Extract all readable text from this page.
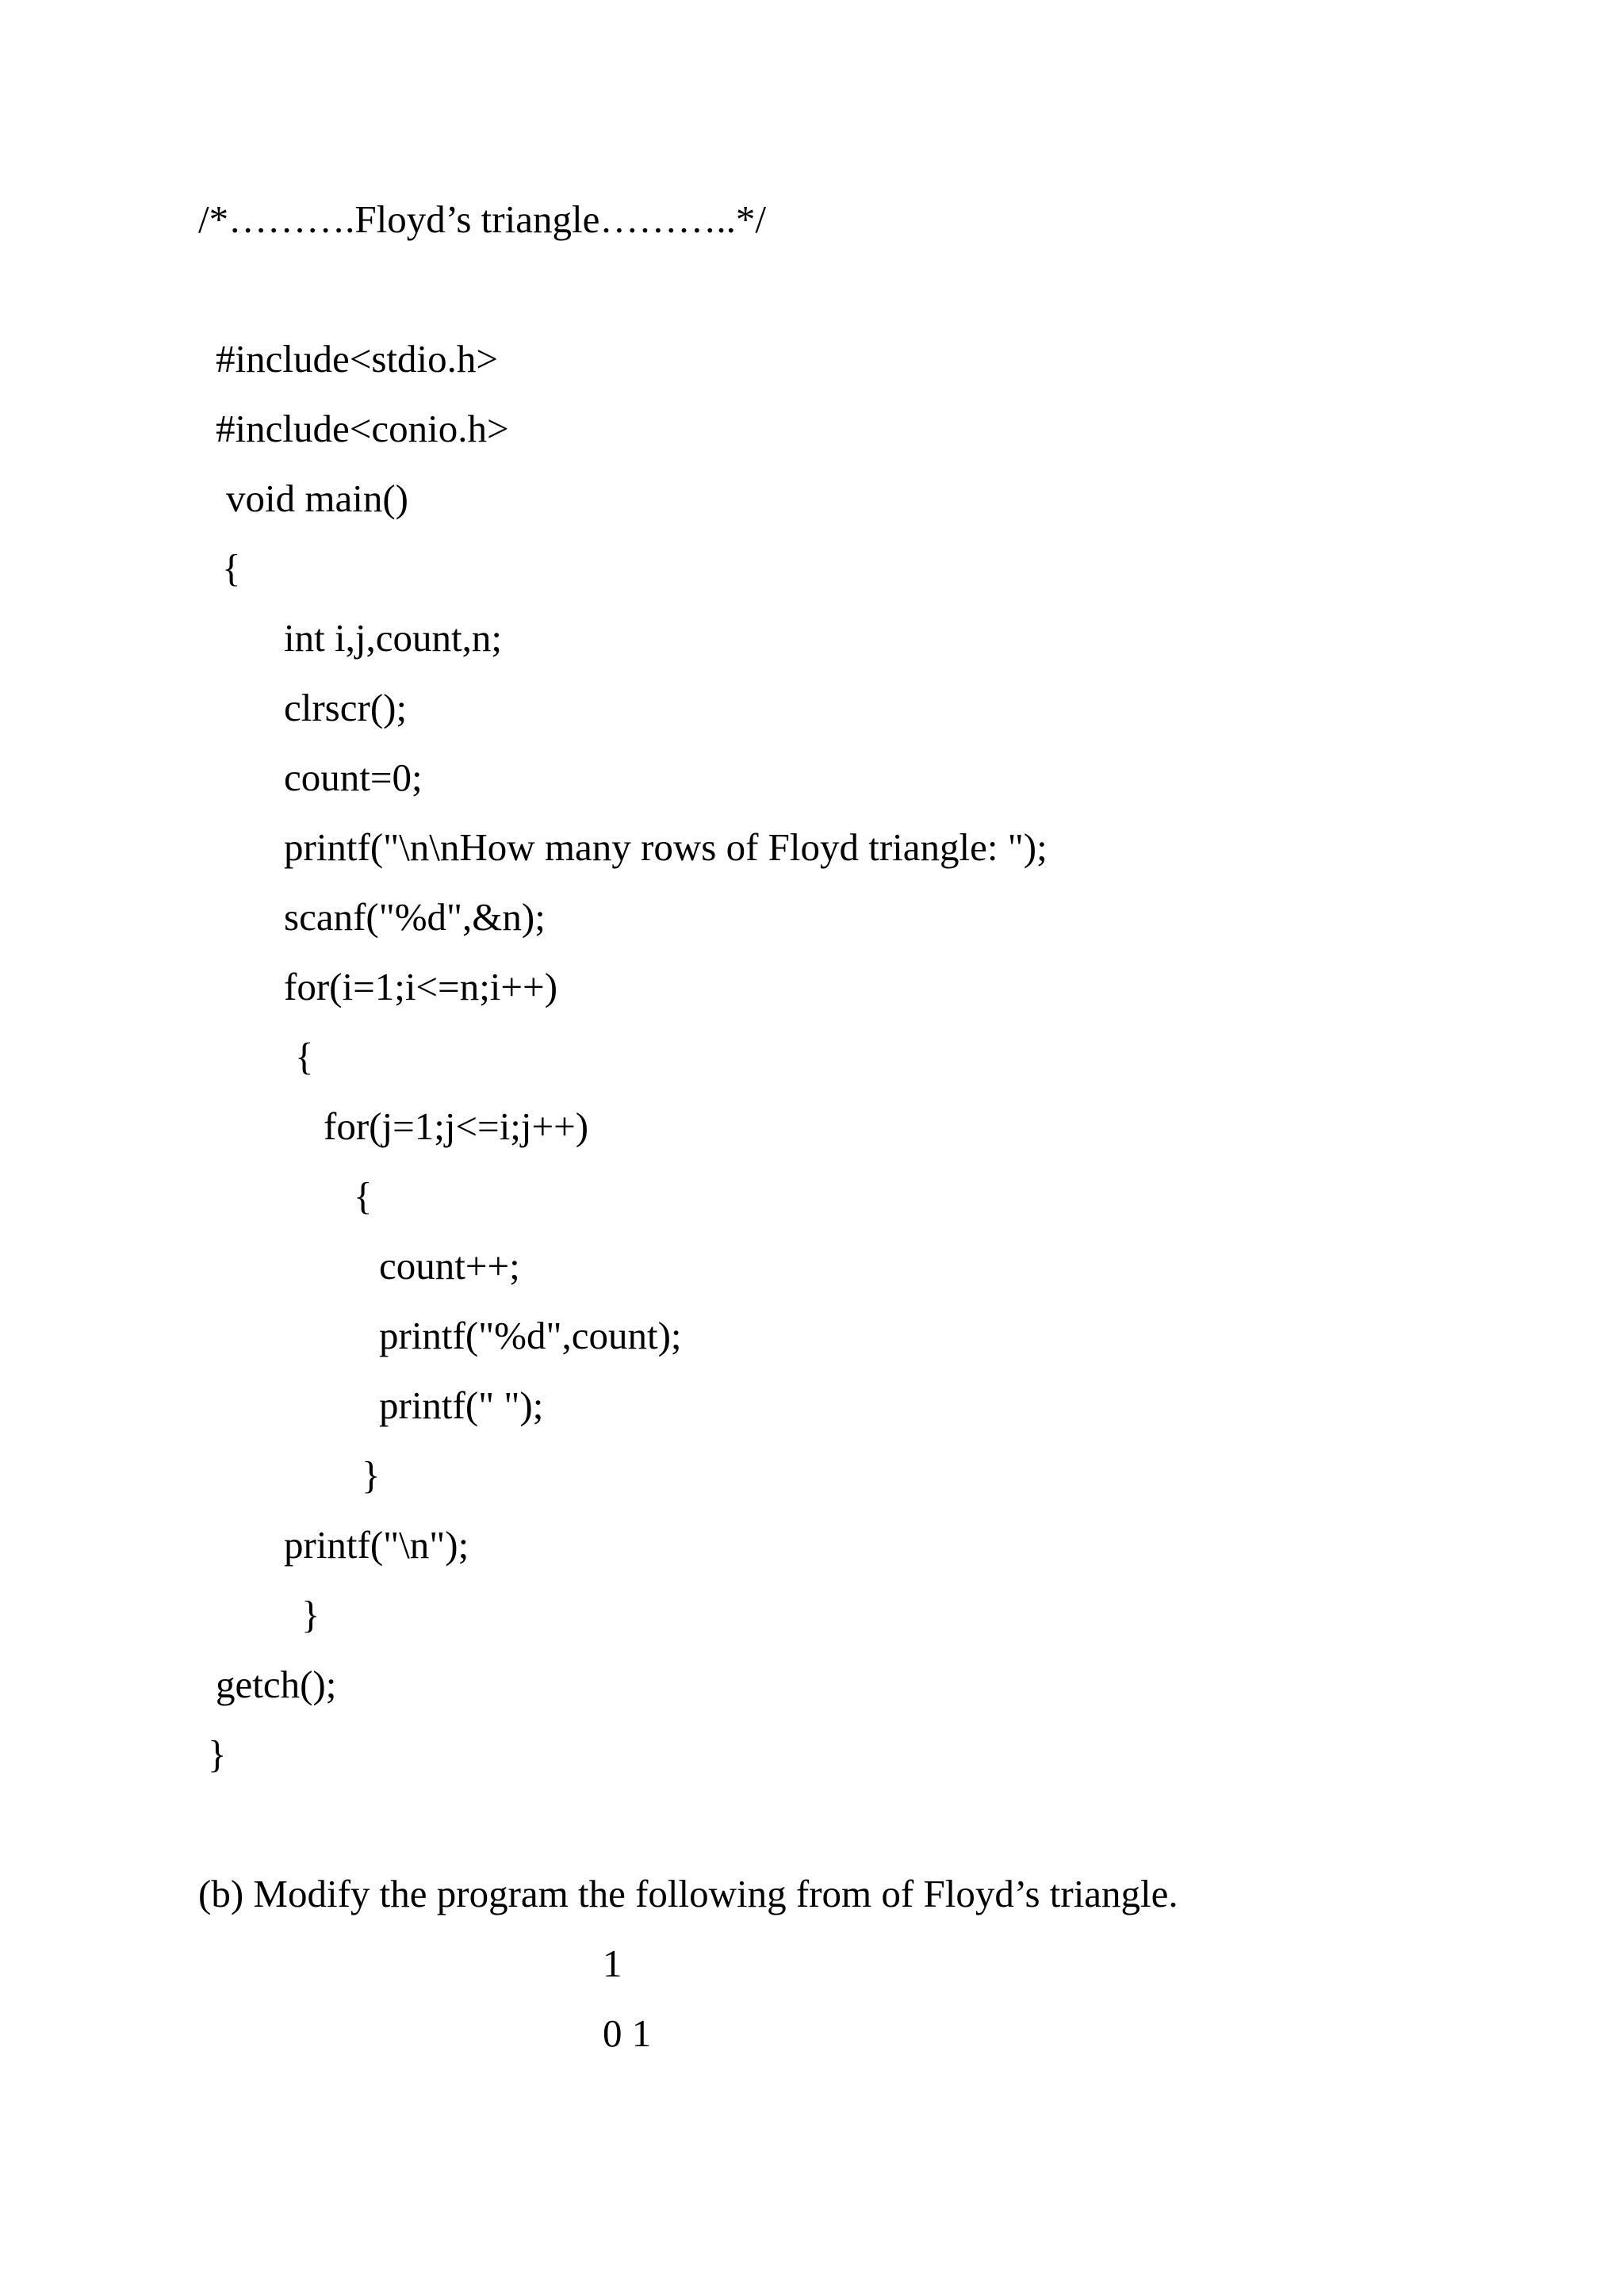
/*……….Floyd’s triangle………..*/
#include<stdio.h>
#include<conio.h>
void main()
{
int i,j,count,n;
clrscr();
count=0;
printf("\n\nHow many rows of Floyd triangle: ");
scanf("%d",&n);
for(i=1;i<=n;i++)
{
for(j=1;j<=i;j++)
{
count++;
printf("%d",count);
printf(" ");
}
printf("\n");
}
getch();
}
(b) Modify the program the following from of Floyd’s triangle.
1
0 1
